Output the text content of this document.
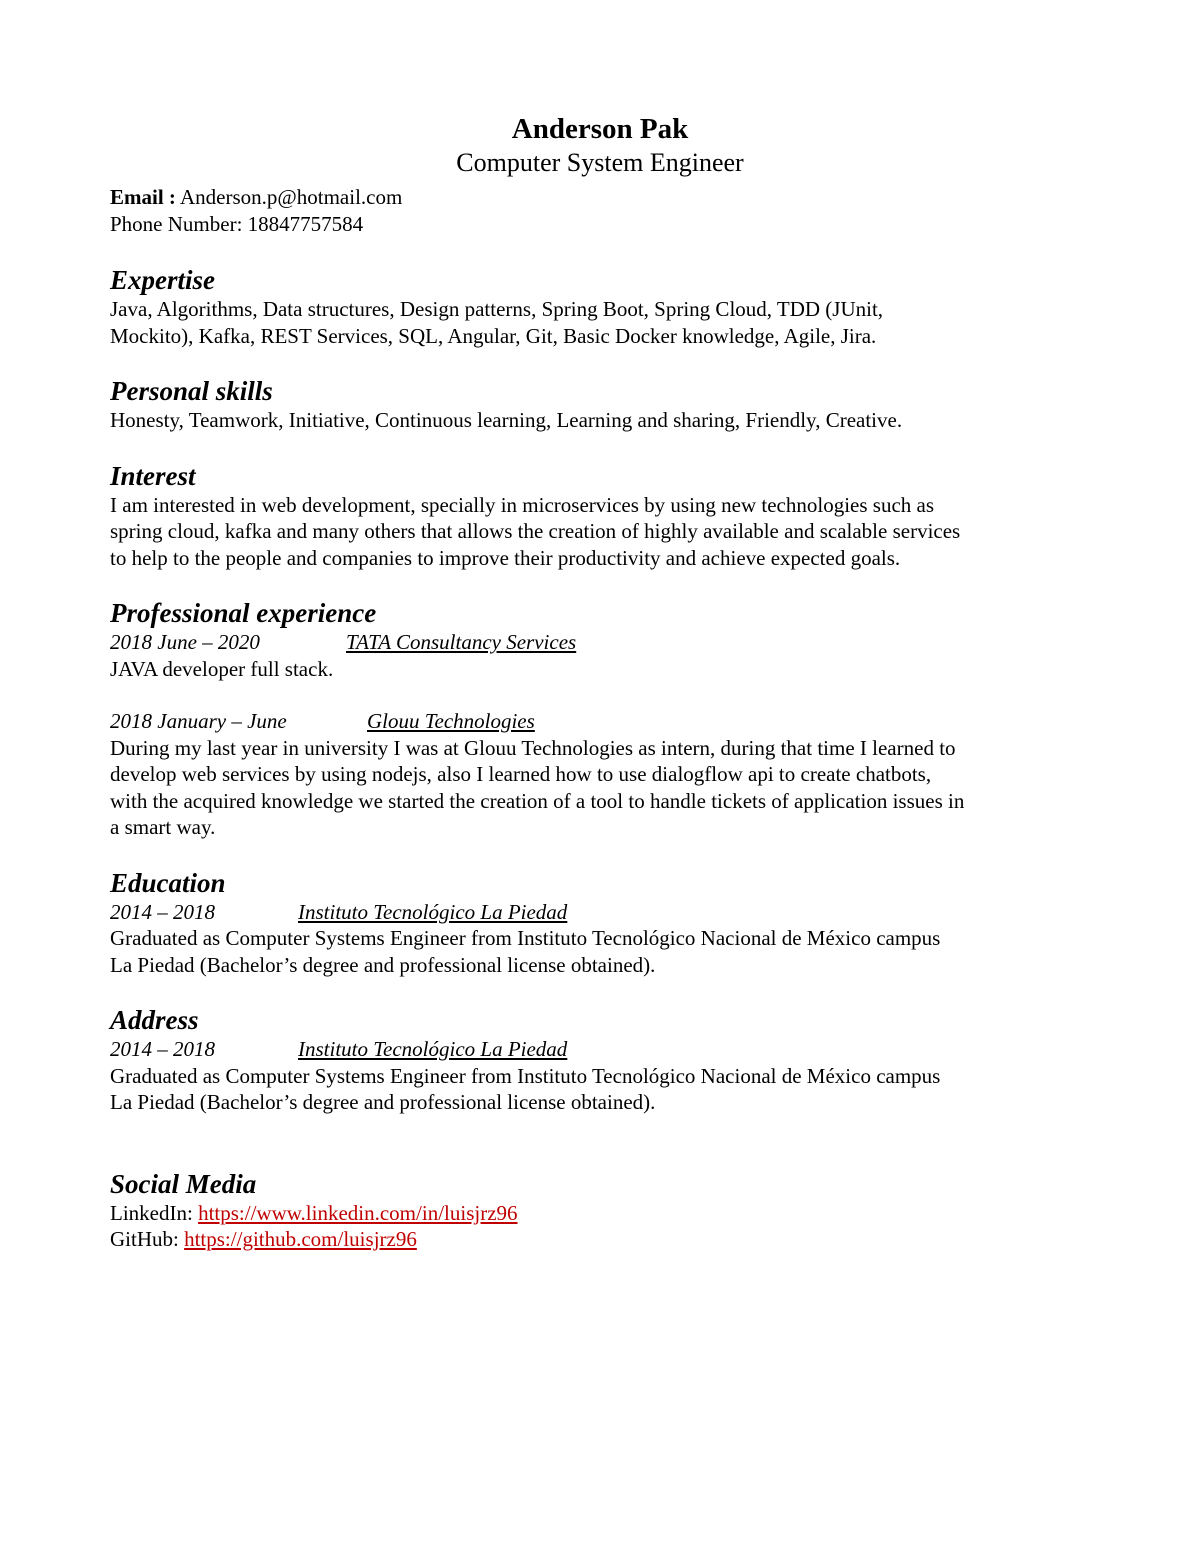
Anderson Pak

Computer System Engineer

Email : Anderson.p@hotmail.com

Phone Number: 18847757584

Expertise

Java, Algorithms, Data structures, Design patterns, Spring Boot, Spring Cloud, TDD (JUnit,

Mockito), Kafka, REST Services, SQL, Angular, Git, Basic Docker knowledge, Agile, Jira.

Personal skills

Honesty, Teamwork, Initiative, Continuous learning, Learning and sharing, Friendly, Creative.

Interest

I am interested in web development, specially in microservices by using new technologies such as

spring cloud, kafka and many others that allows the creation of highly available and scalable services

to help to the people and companies to improve their productivity and achieve expected goals.

Professional experience

2018 June – 2020	TATA Consultancy Services

JAVA developer full stack.

2018 January – June	Glouu Technologies

During my last year in university I was at Glouu Technologies as intern, during that time I learned to

develop web services by using nodejs, also I learned how to use dialogflow api to create chatbots,

with the acquired knowledge we started the creation of a tool to handle tickets of application issues in

a smart way.

Education

2014 – 2018	Instituto Tecnológico La Piedad

Graduated as Computer Systems Engineer from Instituto Tecnológico Nacional de México campus

La Piedad (Bachelor’s degree and professional license obtained).

Address

2014 – 2018	Instituto Tecnológico La Piedad

Graduated as Computer Systems Engineer from Instituto Tecnológico Nacional de México campus

La Piedad (Bachelor’s degree and professional license obtained).

Social Media

LinkedIn: https://www.linkedin.com/in/luisjrz96

GitHub: https://github.com/luisjrz96
